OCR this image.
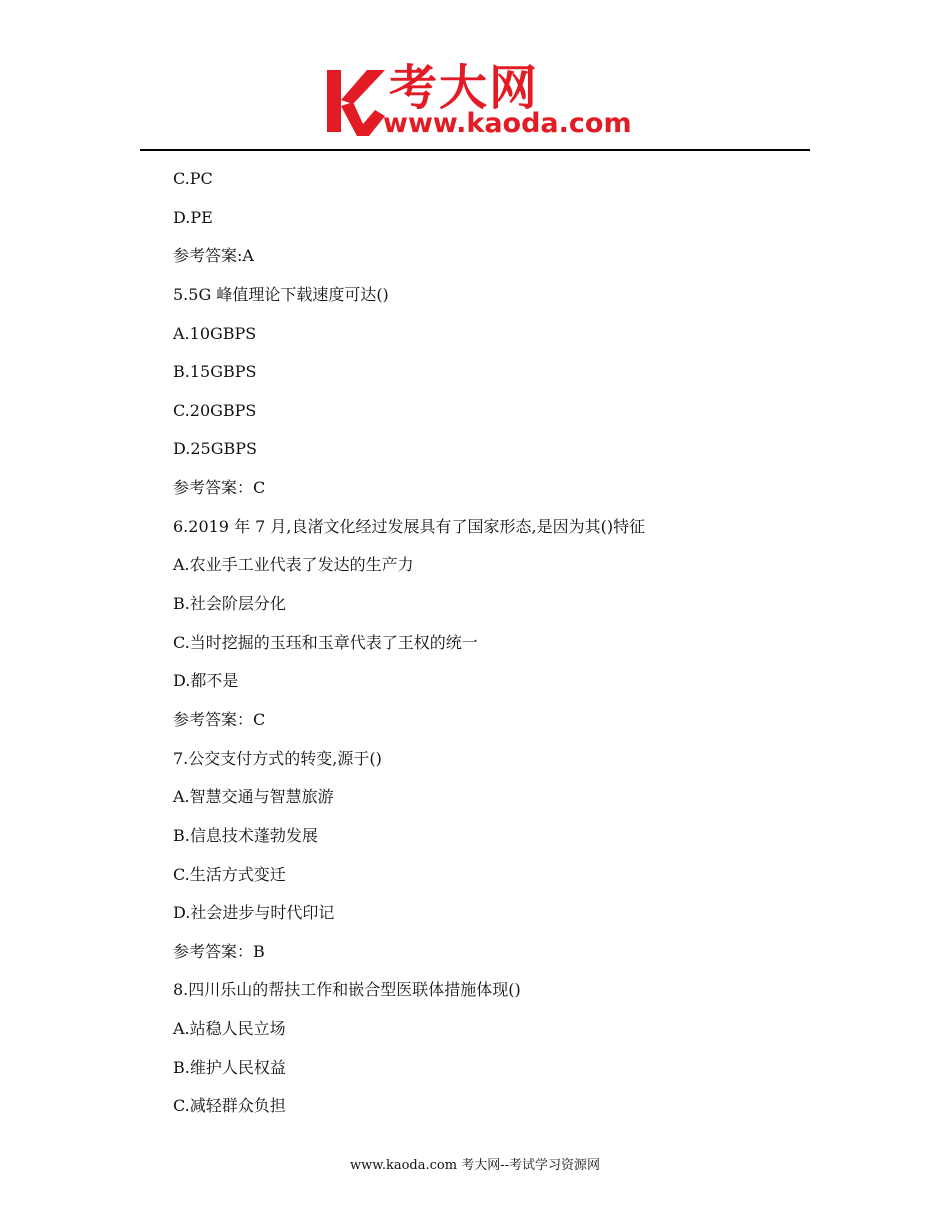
考大网
www.kaoda.com
C.PC
D.PE
参考答案:A
5.5G 峰值理论下载速度可达()
A.10GBPS
B.15GBPS
C.20GBPS
D.25GBPS
参考答案：C
6.2019 年 7 月,良渚文化经过发展具有了国家形态,是因为其()特征
A.农业手工业代表了发达的生产力
B.社会阶层分化
C.当时挖掘的玉珏和玉章代表了王权的统一
D.都不是
参考答案：C
7.公交支付方式的转变,源于()
A.智慧交通与智慧旅游
B.信息技术蓬勃发展
C.生活方式变迁
D.社会进步与时代印记
参考答案：B
8.四川乐山的帮扶工作和嵌合型医联体措施体现()
A.站稳人民立场
B.维护人民权益
C.减轻群众负担
www.kaoda.com 考大网--考试学习资源网
